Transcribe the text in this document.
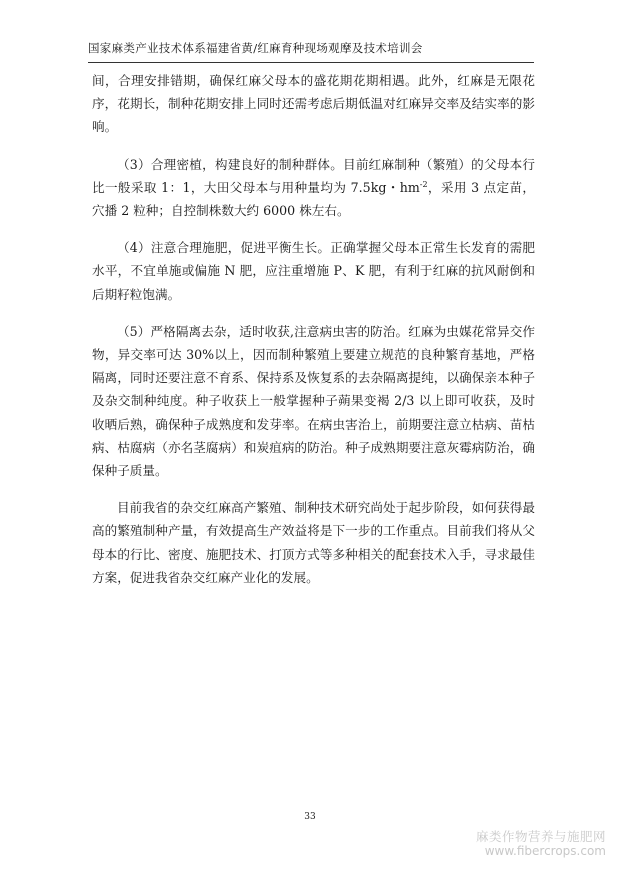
国家麻类产业技术体系福建省黄/红麻育种现场观摩及技术培训会

间，合理安排错期，确保红麻父母本的盛花期花期相遇。此外，红麻是无限花序，花期长，制种花期安排上同时还需考虑后期低温对红麻异交率及结实率的影响。

（3）合理密植，构建良好的制种群体。目前红麻制种（繁殖）的父母本行比一般采取 1：1，大田父母本与用种量均为 7.5kg・$hm^{-2}$，采用 3 点定苗，穴播 2 粒种；自控制株数大约 6000 株左右。

（4）注意合理施肥，促进平衡生长。正确掌握父母本正常生长发育的需肥水平，不宜单施或偏施 N 肥，应注重增施 P、K 肥，有利于红麻的抗风耐倒和后期籽粒饱满。

（5）严格隔离去杂，适时收获,注意病虫害的防治。红麻为虫媒花常异交作物，异交率可达 30%以上，因而制种繁殖上要建立规范的良种繁育基地，严格隔离，同时还要注意不育系、保持系及恢复系的去杂隔离提纯，以确保亲本种子及杂交制种纯度。种子收获上一般掌握种子蒴果变褐 2/3 以上即可收获，及时收晒后熟，确保种子成熟度和发芽率。在病虫害治上，前期要注意立枯病、苗枯病、枯腐病（亦名茎腐病）和炭疽病的防治。种子成熟期要注意灰霉病防治，确保种子质量。

目前我省的杂交红麻高产繁殖、制种技术研究尚处于起步阶段，如何获得最高的繁殖制种产量，有效提高生产效益将是下一步的工作重点。目前我们将从父母本的行比、密度、施肥技术、打顶方式等多种相关的配套技术入手，寻求最佳方案，促进我省杂交红麻产业化的发展。

33
麻类作物营养与施肥网
www.fibercrops.com
